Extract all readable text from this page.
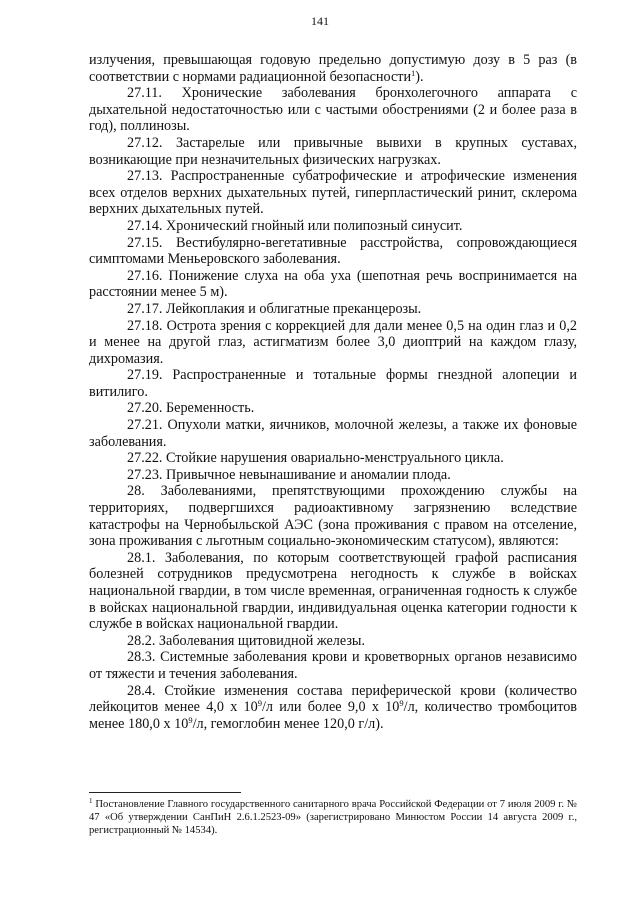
141

излучения, превышающая годовую предельно допустимую дозу в 5 раз (в соответствии с нормами радиационной безопасности$^1$).

27.11. Хронические заболевания бронхолегочного аппарата с дыхательной недостаточностью или с частыми обострениями (2 и более раза в год), поллинозы.

27.12. Застарелые или привычные вывихи в крупных суставах, возникающие при незначительных физических нагрузках.

27.13. Распространенные субатрофические и атрофические изменения всех отделов верхних дыхательных путей, гиперпластический ринит, склерома верхних дыхательных путей.

27.14. Хронический гнойный или полипозный синусит.

27.15. Вестибулярно-вегетативные расстройства, сопровождающиеся симптомами Меньеровского заболевания.

27.16. Понижение слуха на оба уха (шепотная речь воспринимается на расстоянии менее 5 м).

27.17. Лейкоплакия и облигатные преканцерозы.

27.18. Острота зрения с коррекцией для дали менее 0,5 на один глаз и 0,2 и менее на другой глаз, астигматизм более 3,0 диоптрий на каждом глазу, дихромазия.

27.19. Распространенные и тотальные формы гнездной алопеции и витилиго.

27.20. Беременность.

27.21. Опухоли матки, яичников, молочной железы, а также их фоновые заболевания.

27.22. Стойкие нарушения овариально-менструального цикла.

27.23. Привычное невынашивание и аномалии плода.

28. Заболеваниями, препятствующими прохождению службы на территориях, подвергшихся радиоактивному загрязнению вследствие катастрофы на Чернобыльской АЭС (зона проживания с правом на отселение, зона проживания с льготным социально-экономическим статусом), являются:

28.1. Заболевания, по которым соответствующей графой расписания болезней сотрудников предусмотрена негодность к службе в войсках национальной гвардии, в том числе временная, ограниченная годность к службе в войсках национальной гвардии, индивидуальная оценка категории годности к службе в войсках национальной гвардии.

28.2. Заболевания щитовидной железы.

28.3. Системные заболевания крови и кроветворных органов независимо от тяжести и течения заболевания.

28.4. Стойкие изменения состава периферической крови (количество лейкоцитов менее 4,0 x $10^9/л$ или более 9,0 x $10^9/л$, количество тромбоцитов менее 180,0 x $10^9/л$, гемоглобин менее 120,0 г/л).

$^1$ Постановление Главного государственного санитарного врача Российской Федерации от 7 июля 2009 г. № 47 «Об утверждении СанПиН 2.6.1.2523-09» (зарегистрировано Минюстом России 14 августа 2009 г., регистрационный № 14534).
